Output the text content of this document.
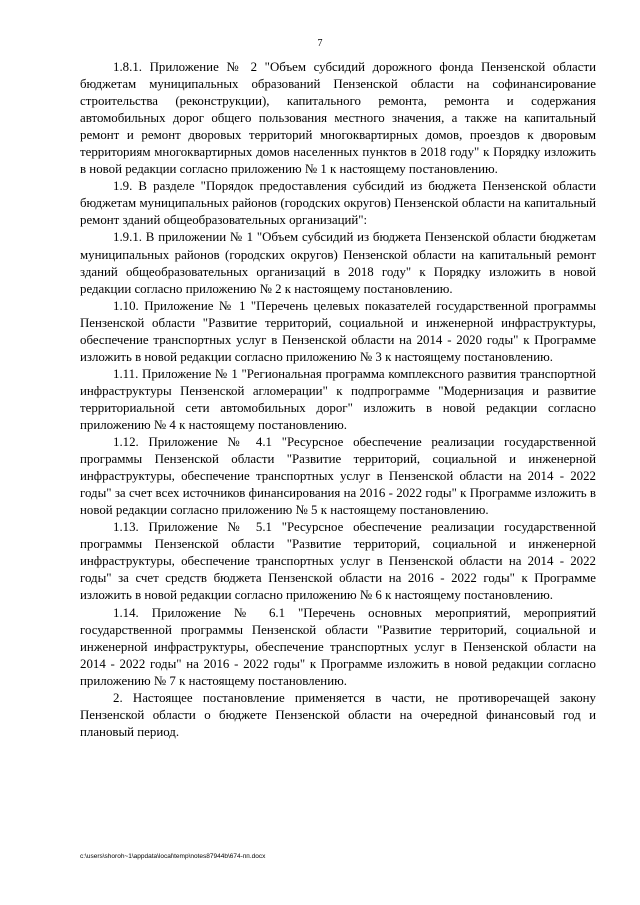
7

1.8.1. Приложение № 2 "Объем субсидий дорожного фонда Пензенской области бюджетам муниципальных образований Пензенской области на софинансирование строительства (реконструкции), капитального ремонта, ремонта и содержания автомобильных дорог общего пользования местного значения, а также на капитальный ремонт и ремонт дворовых территорий многоквартирных домов, проездов к дворовым территориям многоквартирных домов населенных пунктов в 2018 году" к Порядку изложить в новой редакции согласно приложению № 1 к настоящему постановлению.

1.9. В разделе "Порядок предоставления субсидий из бюджета Пензенской области бюджетам муниципальных районов (городских округов) Пензенской области на капитальный ремонт зданий общеобразовательных организаций":

1.9.1. В приложении № 1 "Объем субсидий из бюджета Пензенской области бюджетам муниципальных районов (городских округов) Пензенской области на капитальный ремонт зданий общеобразовательных организаций в 2018 году" к Порядку изложить в новой редакции согласно приложению № 2 к настоящему постановлению.

1.10. Приложение № 1 "Перечень целевых показателей государственной программы Пензенской области "Развитие территорий, социальной и инженерной инфраструктуры, обеспечение транспортных услуг в Пензенской области на 2014 - 2020 годы" к Программе изложить в новой редакции согласно приложению № 3 к настоящему постановлению.

1.11. Приложение № 1 "Региональная программа комплексного развития транспортной инфраструктуры Пензенской агломерации" к подпрограмме "Модернизация и развитие территориальной сети автомобильных дорог" изложить в новой редакции согласно приложению № 4 к настоящему постановлению.

1.12. Приложение № 4.1 "Ресурсное обеспечение реализации государственной программы Пензенской области "Развитие территорий, социальной и инженерной инфраструктуры, обеспечение транспортных услуг в Пензенской области на 2014 - 2022 годы" за счет всех источников финансирования на 2016 - 2022 годы" к Программе изложить в новой редакции согласно приложению № 5 к настоящему постановлению.

1.13. Приложение № 5.1 "Ресурсное обеспечение реализации государственной программы Пензенской области "Развитие территорий, социальной и инженерной инфраструктуры, обеспечение транспортных услуг в Пензенской области на 2014 - 2022 годы" за счет средств бюджета Пензенской области на 2016 - 2022 годы" к Программе изложить в новой редакции согласно приложению № 6 к настоящему постановлению.

1.14. Приложение № 6.1 "Перечень основных мероприятий, мероприятий государственной программы Пензенской области "Развитие территорий, социальной и инженерной инфраструктуры, обеспечение транспортных услуг в Пензенской области на 2014 - 2022 годы" на 2016 - 2022 годы" к Программе изложить в новой редакции согласно приложению № 7 к настоящему постановлению.

2. Настоящее постановление применяется в части, не противоречащей закону Пензенской области о бюджете Пензенской области на очередной финансовый год и плановый период.

c:\users\shoroh~1\appdata\local\temp\notes87944b\674-пп.docx
